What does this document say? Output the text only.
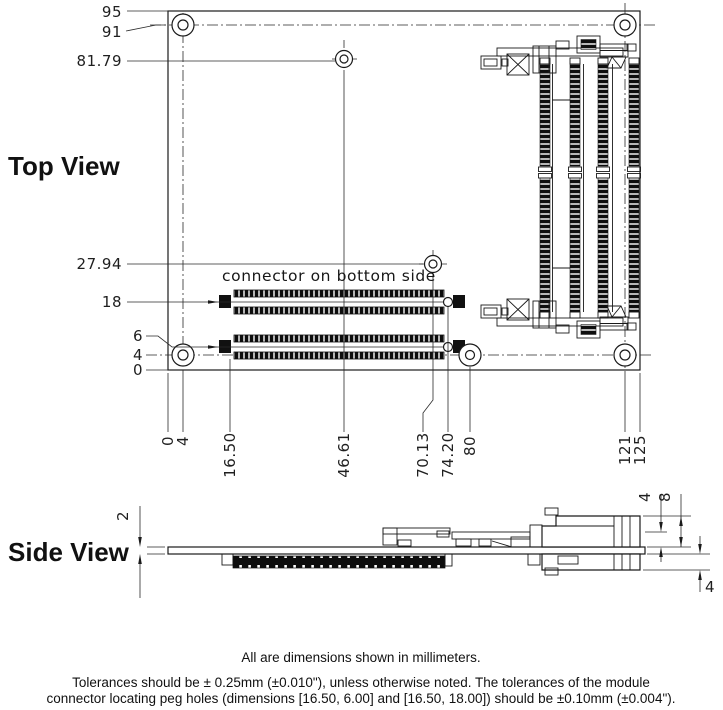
connector on bottom side
Top View
95
91
81.79
27.94
18
6
4
0
0
4 16.50	46.61	70.13 74.20 80	121
125
Side View
2
4 8
4
All are dimensions shown in millimeters.
Tolerances should be ± 0.25mm (±0.010"), unless otherwise noted. The tolerances of the module
connector locating peg holes (dimensions [16.50, 6.00] and [16.50, 18.00]) should be ±0.10mm (±0.004").
